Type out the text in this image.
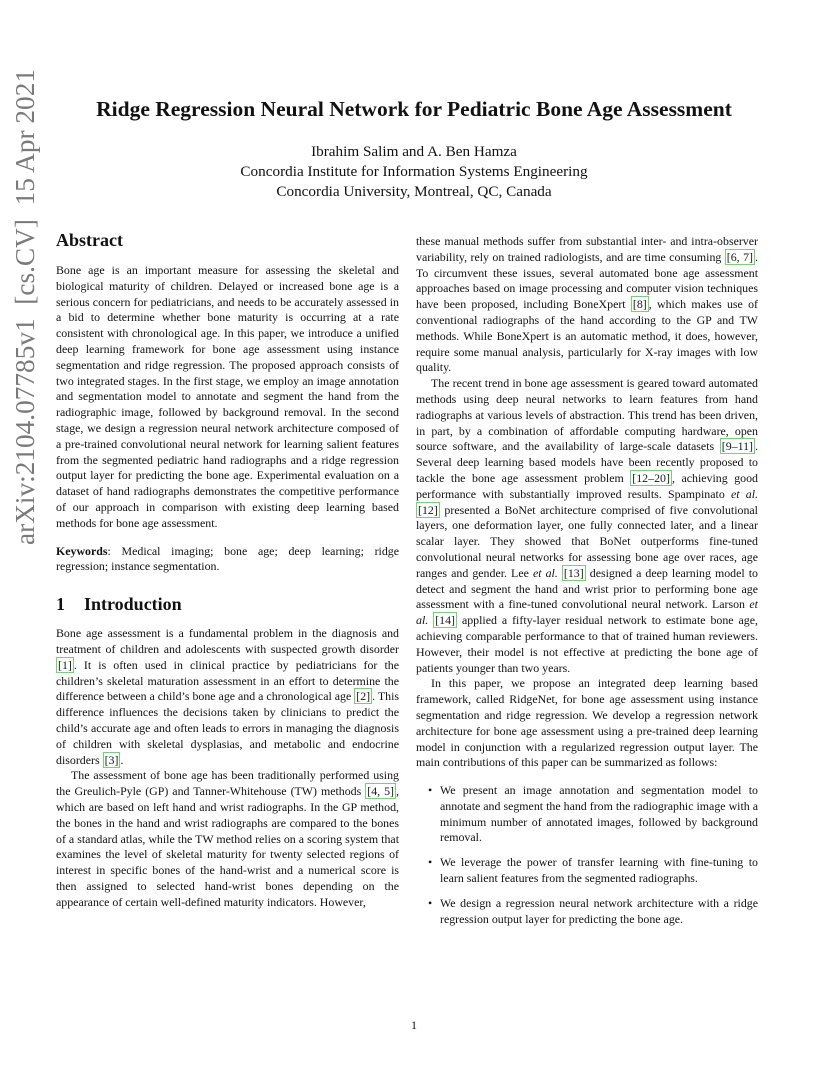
arXiv:2104.07785v1  [cs.CV]  15 Apr 2021	Ridge Regression Neural Network for Pediatric Bone Age Assessment
Ibrahim Salim and A. Ben Hamza
Concordia Institute for Information Systems Engineering
Concordia University, Montreal, QC, Canada
Abstract

Bone age is an important measure for assessing the skeletal and biological maturity of children. Delayed or increased bone age is a serious concern for pediatricians, and needs to be accurately assessed in a bid to determine whether bone maturity is occurring at a rate consistent with chronological age. In this paper, we introduce a unified deep learning framework for bone age assessment using instance segmentation and ridge regression. The proposed approach consists of two integrated stages. In the first stage, we employ an image annotation and segmentation model to annotate and segment the hand from the radiographic image, followed by background removal. In the second stage, we design a regression neural network architecture composed of a pre-trained convolutional neural network for learning salient features from the segmented pediatric hand radiographs and a ridge regression output layer for predicting the bone age. Experimental evaluation on a dataset of hand radiographs demonstrates the competitive performance of our approach in comparison with existing deep learning based methods for bone age assessment.

Keywords: Medical imaging; bone age; deep learning; ridge regression; instance segmentation.

1 Introduction

Bone age assessment is a fundamental problem in the diagnosis and treatment of children and adolescents with suspected growth disorder [1] . It is often used in clinical practice by pediatricians for the children’s skeletal maturation assessment in an effort to determine the difference between a child’s bone age and a chronological age [2] . This difference influences the decisions taken by clinicians to predict the child’s accurate age and often leads to errors in managing the diagnosis of children with skeletal dysplasias, and metabolic and endocrine disorders [3] .

The assessment of bone age has been traditionally performed using the Greulich-Pyle (GP) and Tanner-Whitehouse (TW) methods [4, 5] , which are based on left hand and wrist radiographs. In the GP method, the bones in the hand and wrist radiographs are compared to the bones of a standard atlas, while the TW method relies on a scoring system that examines the level of skeletal maturity for twenty selected regions of interest in specific bones of the hand-wrist and a numerical score is then assigned to selected hand-wrist bones depending on the appearance of certain well-defined maturity indicators. However,

these manual methods suffer from substantial inter- and intra-observer variability, rely on trained radiologists, and are time consuming [6, 7] . To circumvent these issues, several automated bone age assessment approaches based on image processing and computer vision techniques have been proposed, including BoneXpert [8] , which makes use of conventional radiographs of the hand according to the GP and TW methods. While BoneXpert is an automatic method, it does, however, require some manual analysis, particularly for X-ray images with low quality.

The recent trend in bone age assessment is geared toward automated methods using deep neural networks to learn features from hand radiographs at various levels of abstraction. This trend has been driven, in part, by a combination of affordable computing hardware, open source software, and the availability of large-scale datasets [9–11] . Several deep learning based models have been recently proposed to tackle the bone age assessment problem [12–20] , achieving good performance with substantially improved results. Spampinato et al. [12] presented a BoNet architecture comprised of five convolutional layers, one deformation layer, one fully connected later, and a linear scalar layer. They showed that BoNet outperforms fine-tuned convolutional neural networks for assessing bone age over races, age ranges and gender. Lee et al. [13] designed a deep learning model to detect and segment the hand and wrist prior to performing bone age assessment with a fine-tuned convolutional neural network. Larson et al. [14] applied a fifty-layer residual network to estimate bone age, achieving comparable performance to that of trained human reviewers. However, their model is not effective at predicting the bone age of patients younger than two years.

In this paper, we propose an integrated deep learning based framework, called RidgeNet, for bone age assessment using instance segmentation and ridge regression. We develop a regression network architecture for bone age assessment using a pre-trained deep learning model in conjunction with a regularized regression output layer. The main contributions of this paper can be summarized as follows:

• We present an image annotation and segmentation model to annotate and segment the hand from the radiographic image with a minimum number of annotated images, followed by background removal.
• We leverage the power of transfer learning with fine-tuning to learn salient features from the segmented radiographs.
• We design a regression neural network architecture with a ridge regression output layer for predicting the bone age.
1
